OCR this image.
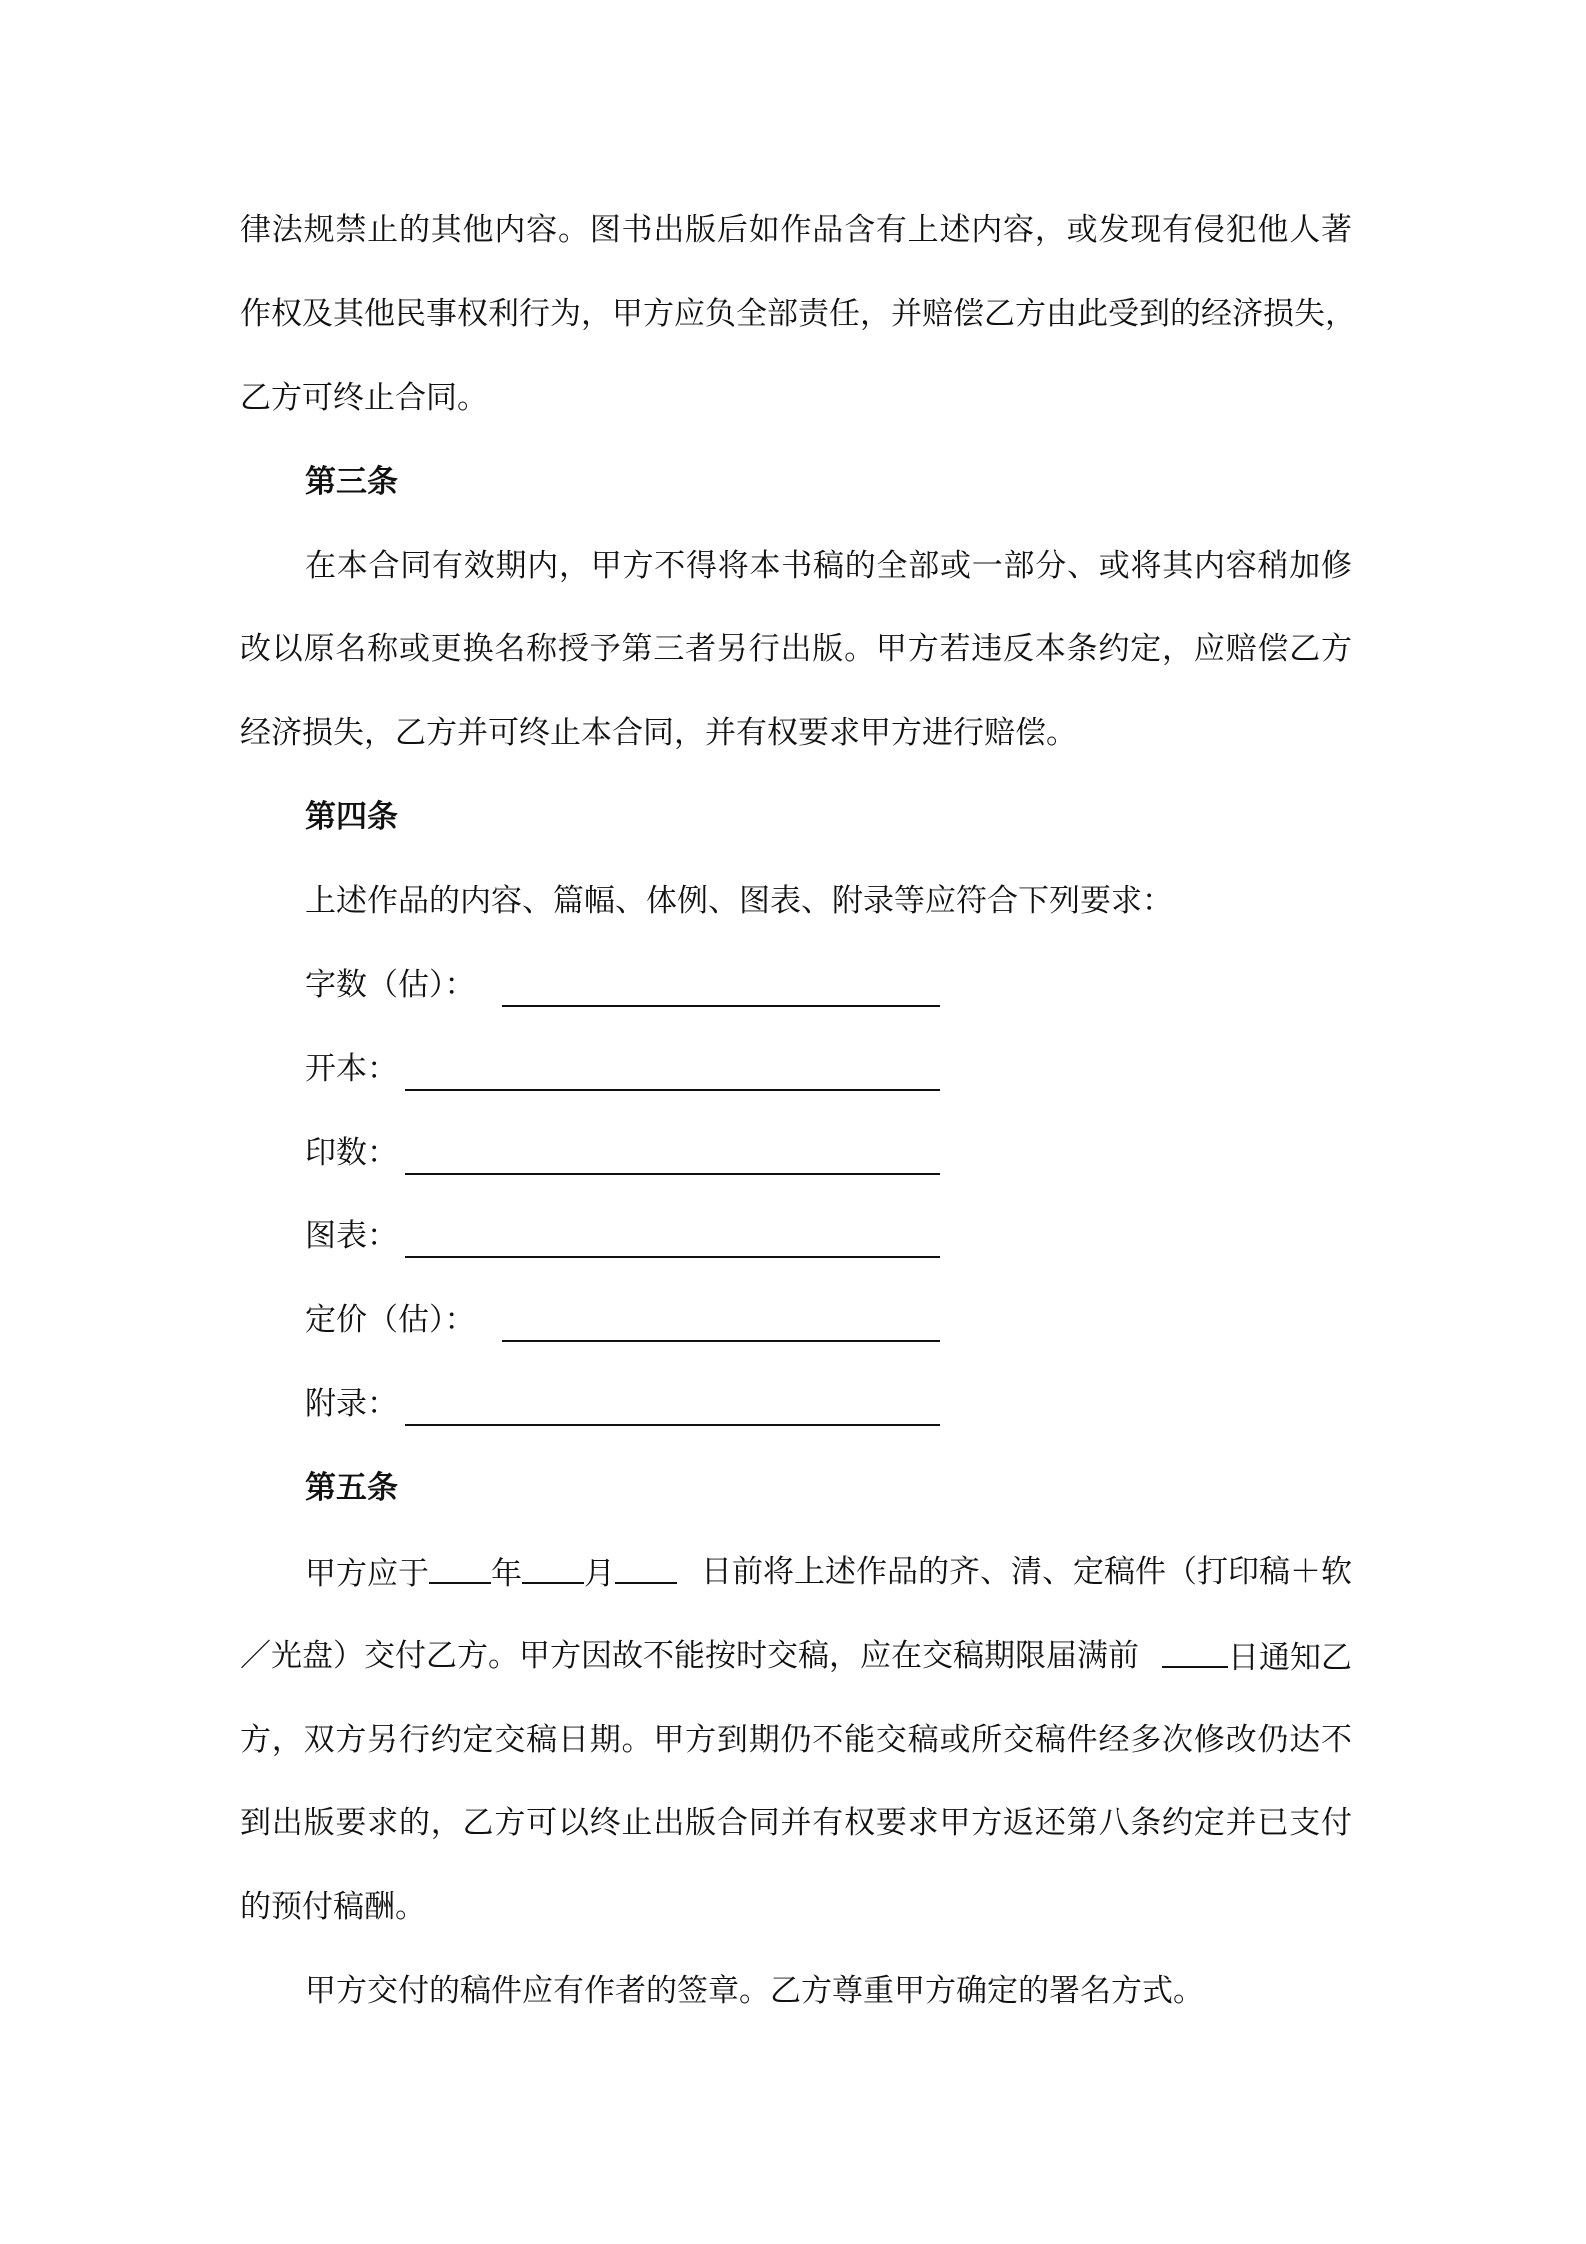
律法规禁止的其他内容。图书出版后如作品含有上述内容，或发现有侵犯他人著
作权及其他民事权利行为，甲方应负全部责任，并赔偿乙方由此受到的经济损失，
乙方可终止合同。
第三条
在本合同有效期内，甲方不得将本书稿的全部或一部分、或将其内容稍加修
改以原名称或更换名称授予第三者另行出版。甲方若违反本条约定，应赔偿乙方
经济损失，乙方并可终止本合同，并有权要求甲方进行赔偿。
第四条
上述作品的内容、篇幅、体例、图表、附录等应符合下列要求：
字数（估）：
开本：
印数：
图表：
定价（估）：
附录：
第五条
甲方应于 年 月	日前将上述作品的齐、清、定稿件（打印稿＋软
／光盘）交付乙方。甲方因故不能按时交稿，应在交稿期限届满前	日通知乙
方，双方另行约定交稿日期。甲方到期仍不能交稿或所交稿件经多次修改仍达不
到出版要求的，乙方可以终止出版合同并有权要求甲方返还第八条约定并已支付
的预付稿酬。
甲方交付的稿件应有作者的签章。乙方尊重甲方确定的署名方式。
